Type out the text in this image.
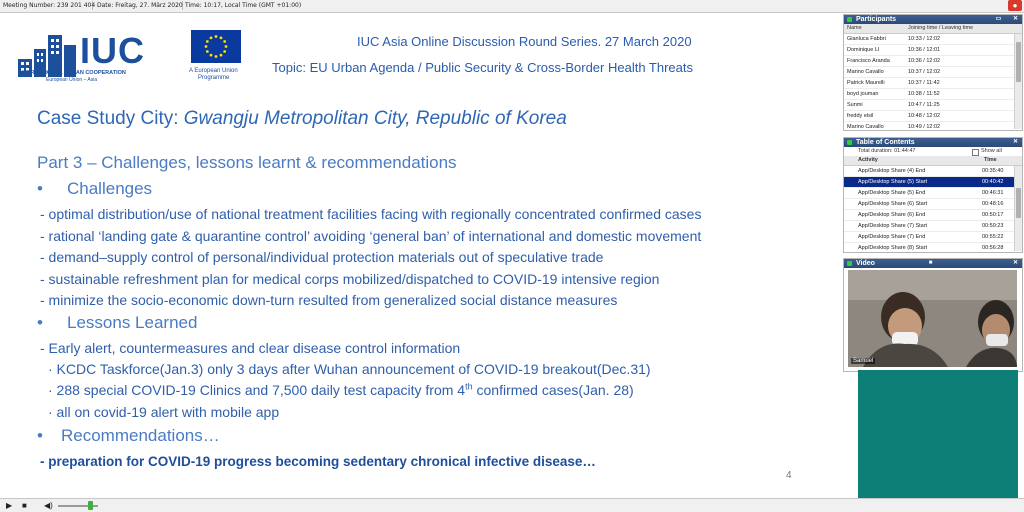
Meeting Number: 239 201 404 Date: Freitag, 27. März 2020 Time: 10:17, Local Time (GMT +01:00)	●
IUC
INTERNATIONAL URBAN COOPERATION
European Union – Asia
A European Union
Programme
IUC Asia Online Discussion Round Series. 27 March 2020
Topic: EU Urban Agenda / Public Security & Cross-Border Health Threats
Case Study City: Gwangju Metropolitan City, Republic of Korea
Part 3 – Challenges, lessons learnt & recommendations
• Challenges
- optimal distribution/use of national treatment facilities facing with regionally concentrated confirmed cases
- rational ‘landing gate & quarantine control’ avoiding ‘general ban’ of international and domestic movement
- demand–supply control of personal/individual protection materials out of speculative trade
- sustainable refreshment plan for medical corps mobilized/dispatched to COVID-19 intensive region
- minimize the socio-economic down-turn resulted from generalized social distance measures
• Lessons Learned
- Early alert, countermeasures and clear disease control information
· KCDC Taskforce(Jan.3) only 3 days after Wuhan announcement of COVID-19 breakout(Dec.31)
· 288 special COVID-19 Clinics and 7,500 daily test capacity from 4th confirmed cases(Jan. 28)
· all on covid-19 alert with mobile app
• Recommendations…
- preparation for COVID-19 progress becoming sedentary chronical infective disease…
4
Participants	▭ ✕
Name	Joining time / Leaving time
Gianluca Fabbri	10:33 / 12:02
Dominique LI	10:36 / 12:01
Francisco Aranda	10:36 / 12:02
Marino Cavallo	10:37 / 12:02
Patrick Maurelli	10:37 / 11:42
boyd jouman	10:38 / 11:52
Sunmi	10:47 / 11:25
freddy elsil	10:48 / 12:02
Marino Cavallo	10:49 / 12:02
Table of Contents	✕
Total duration: 01:44:47	Show all
Activity	Time
App/Desktop Share (4) End	00:35:40
App/Desktop Share (5) Start	00:40:42
App/Desktop Share (5) End	00:46:31
App/Desktop Share (6) Start	00:48:16
App/Desktop Share (6) End	00:50:17
App/Desktop Share (7) Start	00:50:23
App/Desktop Share (7) End	00:55:22
App/Desktop Share (8) Start	00:56:28
Video	■	✕
Samuel
▶ ■ ◀)
